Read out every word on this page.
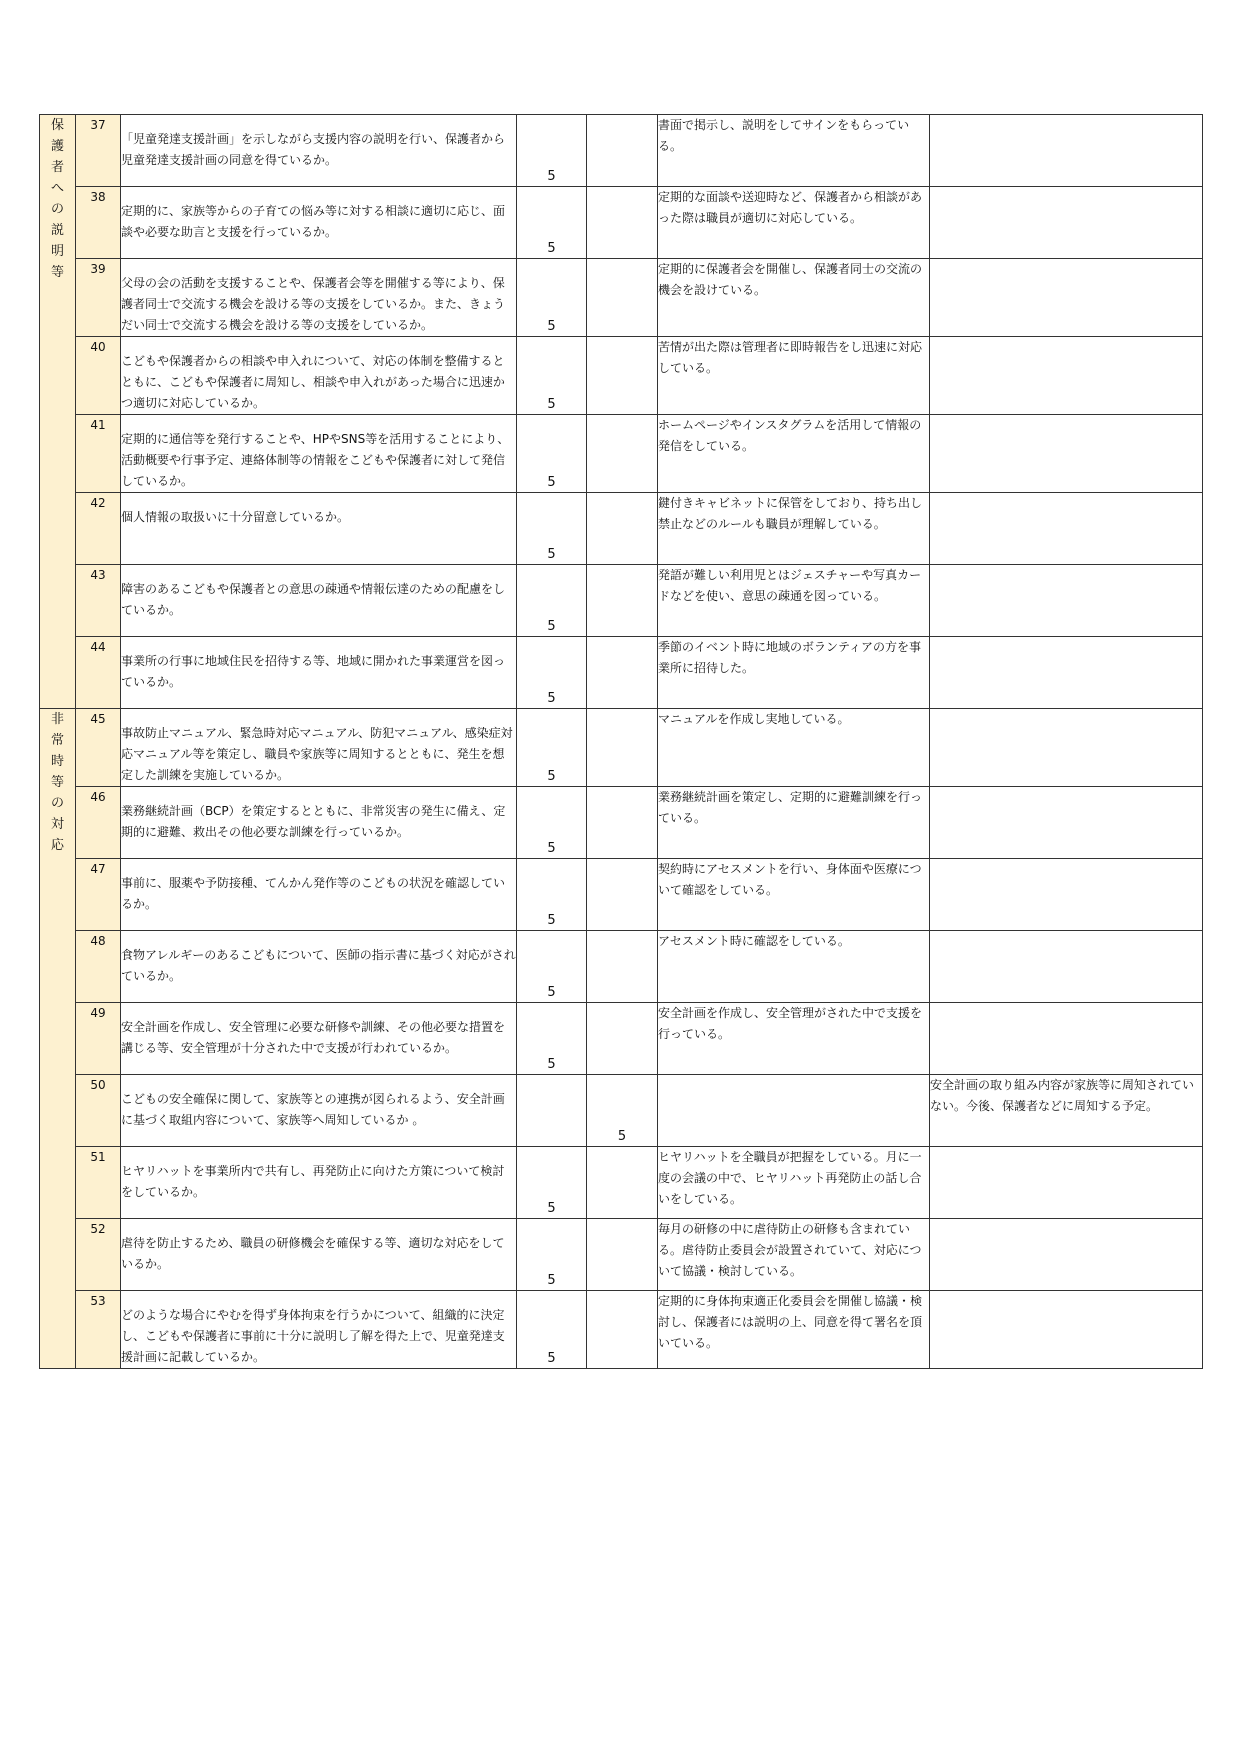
保護者への説明等	37	「児童発達支援計画」を示しながら支援内容の説明を行い、保護者から児童発達支援計画の同意を得ているか。	5		書面で掲示し、説明をしてサインをもらっている。	

	38	定期的に、家族等からの子育ての悩み等に対する相談に適切に応じ、面談や必要な助言と支援を行っているか。	5		定期的な面談や送迎時など、保護者から相談があった際は職員が適切に対応している。	

	39	父母の会の活動を支援することや、保護者会等を開催する等により、保護者同士で交流する機会を設ける等の支援をしているか。また、きょうだい同士で交流する機会を設ける等の支援をしているか。	5		定期的に保護者会を開催し、保護者同士の交流の機会を設けている。	

	40	こどもや保護者からの相談や申入れについて、対応の体制を整備するとともに、こどもや保護者に周知し、相談や申入れがあった場合に迅速かつ適切に対応しているか。	5		苦情が出た際は管理者に即時報告をし迅速に対応している。	

	41	定期的に通信等を発行することや、HPやSNS等を活用することにより、活動概要や行事予定、連絡体制等の情報をこどもや保護者に対して発信しているか。	5		ホームページやインスタグラムを活用して情報の発信をしている。	

	42	個人情報の取扱いに十分留意しているか。	5		鍵付きキャビネットに保管をしており、持ち出し禁止などのルールも職員が理解している。	

	43	障害のあるこどもや保護者との意思の疎通や情報伝達のための配慮をしているか。	5		発語が難しい利用児とはジェスチャーや写真カードなどを使い、意思の疎通を図っている。	

	44	事業所の行事に地域住民を招待する等、地域に開かれた事業運営を図っているか。	5		季節のイベント時に地域のボランティアの方を事業所に招待した。	

非常時等の対応	45	事故防止マニュアル、緊急時対応マニュアル、防犯マニュアル、感染症対応マニュアル等を策定し、職員や家族等に周知するとともに、発生を想定した訓練を実施しているか。	5		マニュアルを作成し実地している。	

	46	業務継続計画（BCP）を策定するとともに、非常災害の発生に備え、定期的に避難、救出その他必要な訓練を行っているか。	5		業務継続計画を策定し、定期的に避難訓練を行っている。	

	47	事前に、服薬や予防接種、てんかん発作等のこどもの状況を確認しているか。	5		契約時にアセスメントを行い、身体面や医療について確認をしている。	

	48	食物アレルギーのあるこどもについて、医師の指示書に基づく対応がされているか。	5		アセスメント時に確認をしている。	

	49	安全計画を作成し、安全管理に必要な研修や訓練、その他必要な措置を講じる等、安全管理が十分された中で支援が行われているか。	5		安全計画を作成し、安全管理がされた中で支援を行っている。	

	50	こどもの安全確保に関して、家族等との連携が図られるよう、安全計画に基づく取組内容について、家族等へ周知しているか 。		5		安全計画の取り組み内容が家族等に周知されていない。今後、保護者などに周知する予定。

	51	ヒヤリハットを事業所内で共有し、再発防止に向けた方策について検討をしているか。	5		ヒヤリハットを全職員が把握をしている。月に一度の会議の中で、ヒヤリハット再発防止の話し合いをしている。	

	52	虐待を防止するため、職員の研修機会を確保する等、適切な対応をしているか。	5		毎月の研修の中に虐待防止の研修も含まれている。虐待防止委員会が設置されていて、対応について協議・検討している。	

	53	どのような場合にやむを得ず身体拘束を行うかについて、組織的に決定し、こどもや保護者に事前に十分に説明し了解を得た上で、児童発達支援計画に記載しているか。	5		定期的に身体拘束適正化委員会を開催し協議・検討し、保護者には説明の上、同意を得て署名を頂いている。	
